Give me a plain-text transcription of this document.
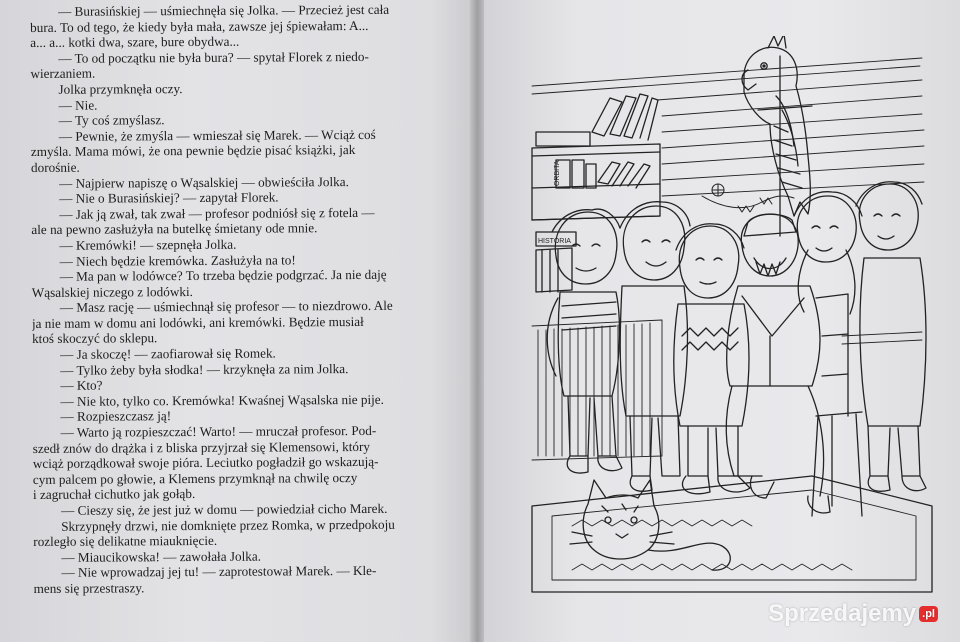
— Burasińskiej — uśmiechnęła się Jolka. — Przecież jest cała
bura. To od tego, że kiedy była mała, zawsze jej śpiewałam: A...
a... a... kotki dwa, szare, bure obydwa...
— To od początku nie była bura? — spytał Florek z niedo-
wierzaniem.
Jolka przymknęła oczy.
— Nie.
— Ty coś zmyślasz.
— Pewnie, że zmyśla — wmieszał się Marek. — Wciąż coś
zmyśla. Mama mówi, że ona pewnie będzie pisać książki, jak
dorośnie.
— Najpierw napiszę o Wąsalskiej — obwieściła Jolka.
— Nie o Burasińskiej? — zapytał Florek.
— Jak ją zwał, tak zwał — profesor podniósł się z fotela —
ale na pewno zasłużyła na butelkę śmietany ode mnie.
— Kremówki! — szepnęła Jolka.
— Niech będzie kremówka. Zasłużyła na to!
— Ma pan w lodówce? To trzeba będzie podgrzać. Ja nie daję
Wąsalskiej niczego z lodówki.
— Masz rację — uśmiechnął się profesor — to niezdrowo. Ale
ja nie mam w domu ani lodówki, ani kremówki. Będzie musiał
ktoś skoczyć do sklepu.
— Ja skoczę! — zaofiarował się Romek.
— Tylko żeby była słodka! — krzyknęła za nim Jolka.
— Kto?
— Nie kto, tylko co. Kremówka! Kwaśnej Wąsalska nie pije.
— Rozpieszczasz ją!
— Warto ją rozpieszczać! Warto! — mruczał profesor. Pod-
szedł znów do drążka i z bliska przyjrzał się Klemensowi, który
wciąż porządkował swoje pióra. Leciutko pogładził go wskazują-
cym palcem po głowie, a Klemens przymknął na chwilę oczy
i zagruchał cichutko jak gołąb.
— Cieszy się, że jest już w domu — powiedział cicho Marek.
Skrzypnęły drzwi, nie domknięte przez Romka, w przedpokoju
rozległo się delikatne miauknięcie.
— Miaucikowska! — zawołała Jolka.
— Nie wprowadzaj jej tu! — zaprotestował Marek. — Kle-
mens się przestraszy.
ORBITA
HISTORIA
Sprzedajemy .pl
